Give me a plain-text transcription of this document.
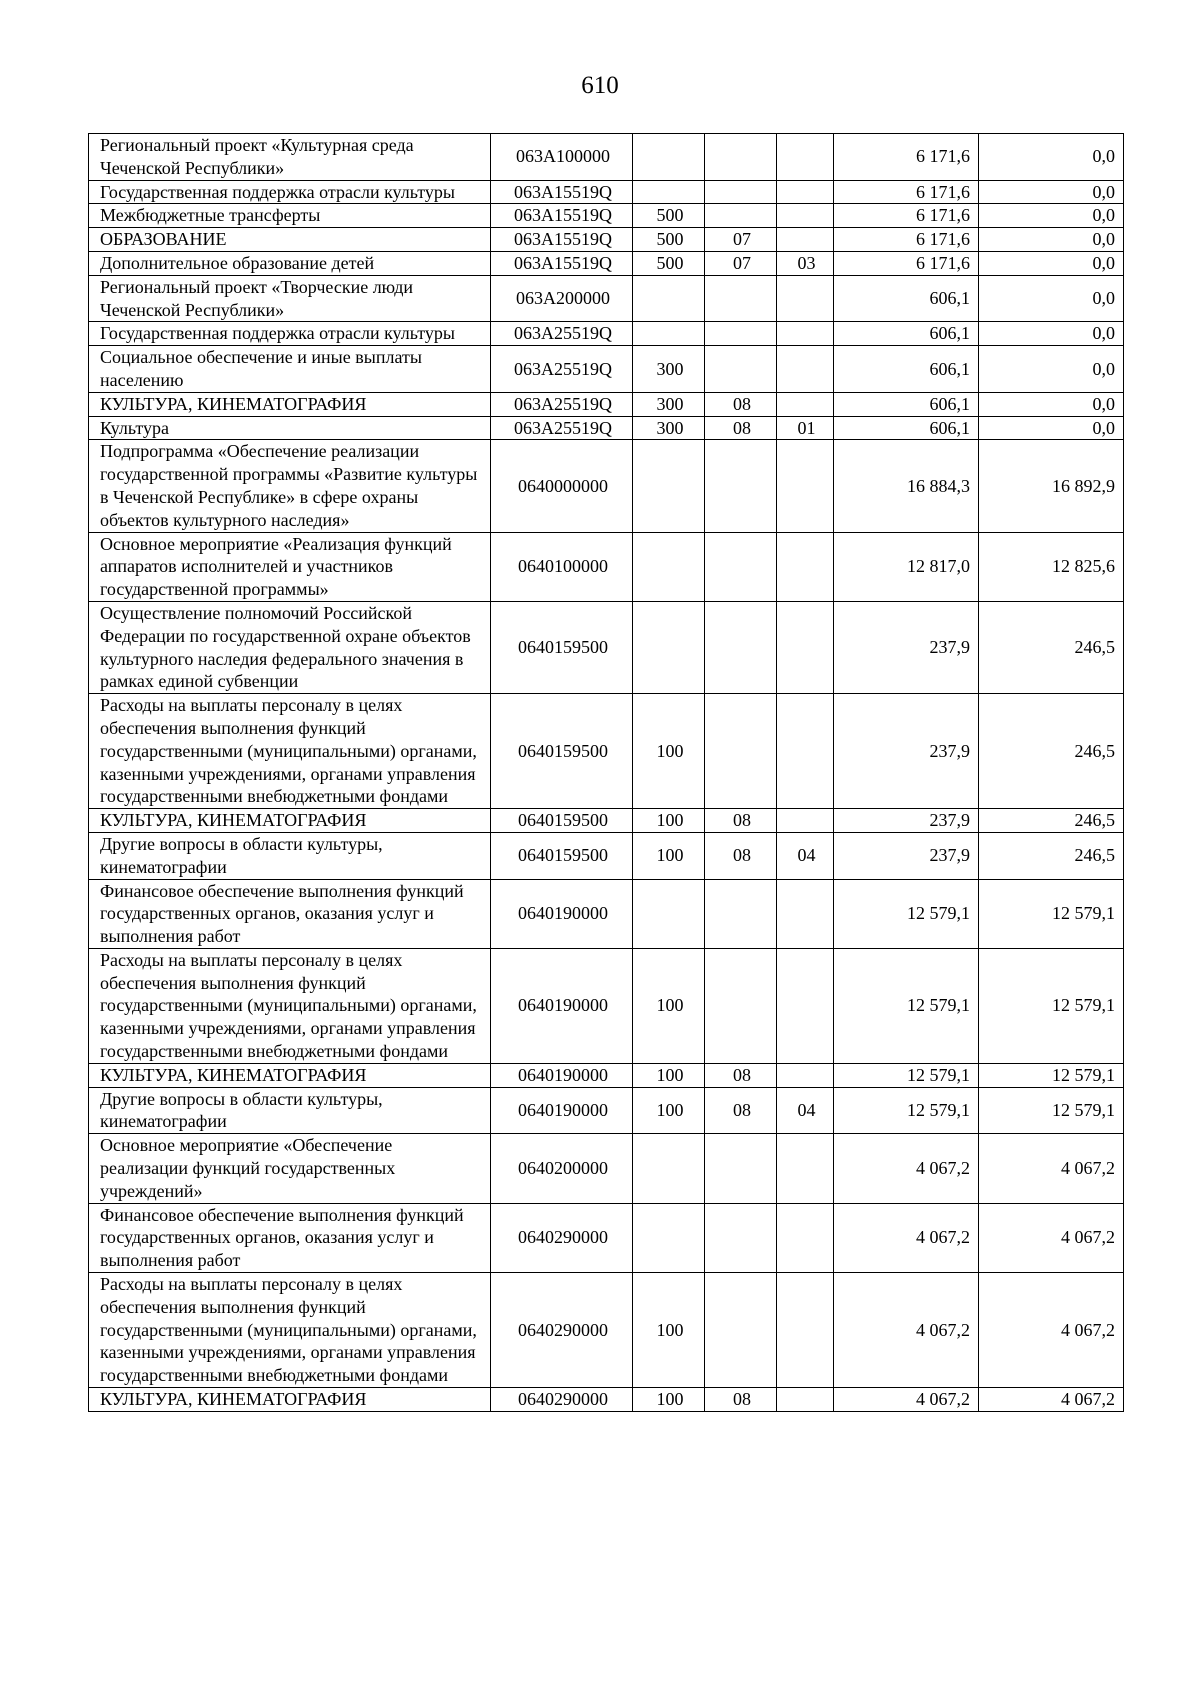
610
Региональный проект «Культурная среда Чеченской Республики»	063A100000				6 171,6	0,0
Государственная поддержка отрасли культуры	063A15519Q				6 171,6	0,0
Межбюджетные трансферты	063A15519Q	500			6 171,6	0,0
ОБРАЗОВАНИЕ	063A15519Q	500	07		6 171,6	0,0
Дополнительное образование детей	063A15519Q	500	07	03	6 171,6	0,0
Региональный проект «Творческие люди Чеченской Республики»	063A200000				606,1	0,0
Государственная поддержка отрасли культуры	063A25519Q				606,1	0,0
Социальное обеспечение и иные выплаты населению	063A25519Q	300			606,1	0,0
КУЛЬТУРА, КИНЕМАТОГРАФИЯ	063A25519Q	300	08		606,1	0,0
Культура	063A25519Q	300	08	01	606,1	0,0
Подпрограмма «Обеспечение реализации государственной программы «Развитие культуры в Чеченской Республике» в сфере охраны объектов культурного наследия»	0640000000				16 884,3	16 892,9
Основное мероприятие «Реализация функций аппаратов исполнителей и участников государственной программы»	0640100000				12 817,0	12 825,6
Осуществление полномочий Российской Федерации по государственной охране объектов культурного наследия федерального значения в рамках единой субвенции	0640159500				237,9	246,5
Расходы на выплаты персоналу в целях обеспечения выполнения функций государственными (муниципальными) органами, казенными учреждениями, органами управления государственными внебюджетными фондами	0640159500	100			237,9	246,5
КУЛЬТУРА, КИНЕМАТОГРАФИЯ	0640159500	100	08		237,9	246,5
Другие вопросы в области культуры, кинематографии	0640159500	100	08	04	237,9	246,5
Финансовое обеспечение выполнения функций государственных органов, оказания услуг и выполнения работ	0640190000				12 579,1	12 579,1
Расходы на выплаты персоналу в целях обеспечения выполнения функций государственными (муниципальными) органами, казенными учреждениями, органами управления государственными внебюджетными фондами	0640190000	100			12 579,1	12 579,1
КУЛЬТУРА, КИНЕМАТОГРАФИЯ	0640190000	100	08		12 579,1	12 579,1
Другие вопросы в области культуры, кинематографии	0640190000	100	08	04	12 579,1	12 579,1
Основное мероприятие «Обеспечение реализации функций государственных учреждений»	0640200000				4 067,2	4 067,2
Финансовое обеспечение выполнения функций государственных органов, оказания услуг и выполнения работ	0640290000				4 067,2	4 067,2
Расходы на выплаты персоналу в целях обеспечения выполнения функций государственными (муниципальными) органами, казенными учреждениями, органами управления государственными внебюджетными фондами	0640290000	100			4 067,2	4 067,2
КУЛЬТУРА, КИНЕМАТОГРАФИЯ	0640290000	100	08		4 067,2	4 067,2
